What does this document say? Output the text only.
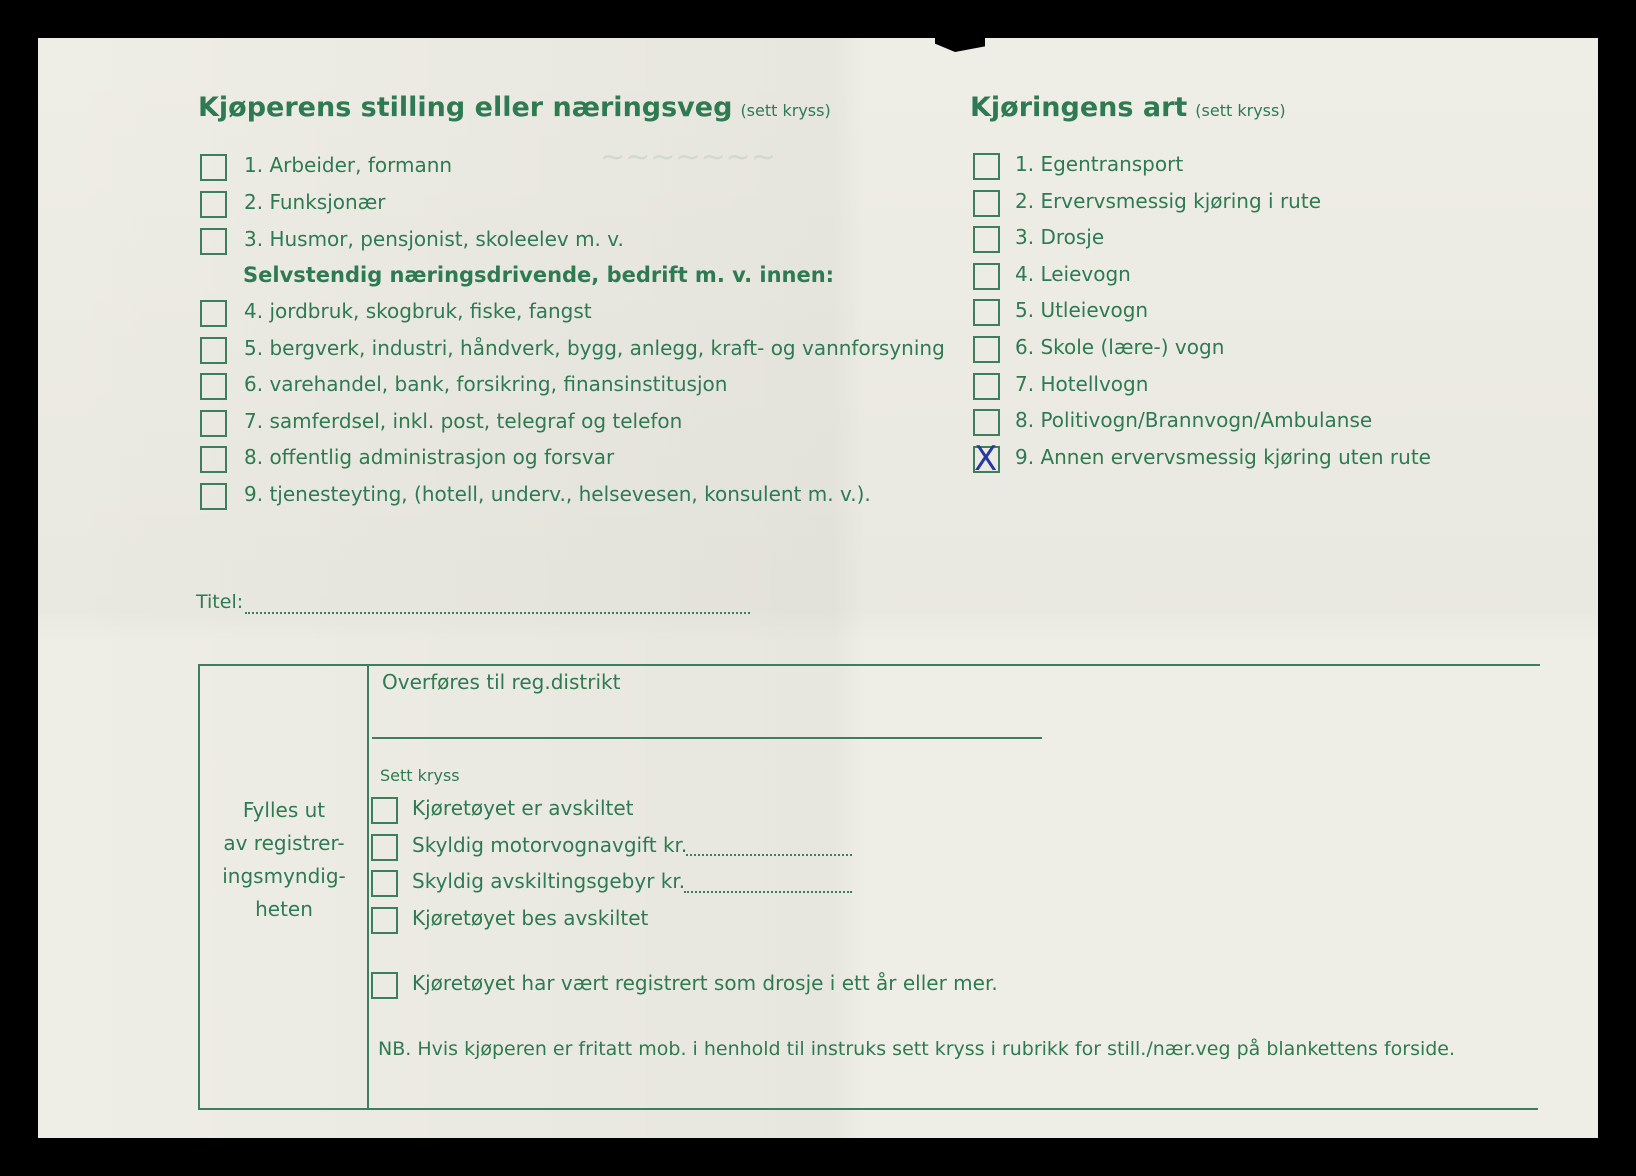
~~~~~~~
Kjøperens stilling eller næringsveg (sett kryss)
1. Arbeider, formann
2. Funksjonær
3. Husmor, pensjonist, skoleelev m. v.
Selvstendig næringsdrivende, bedrift m. v. innen:
4. jordbruk, skogbruk, fiske, fangst
5. bergverk, industri, håndverk, bygg, anlegg, kraft- og vannforsyning
6. varehandel, bank, forsikring, finansinstitusjon
7. samferdsel, inkl. post, telegraf og telefon
8. offentlig administrasjon og forsvar
9. tjenesteyting, (hotell, underv., helsevesen, konsulent m. v.).
Titel:
Kjøringens art (sett kryss)
1. Egentransport
2. Ervervsmessig kjøring i rute
3. Drosje
4. Leievogn
5. Utleievogn
6. Skole (lære-) vogn
7. Hotellvogn
8. Politivogn/Brannvogn/Ambulanse
X 9. Annen ervervsmessig kjøring uten rute
Fylles ut
av registrer-
ingsmyndig-
heten
Overføres til reg.distrikt
Sett kryss
Kjøretøyet er avskiltet
Skyldig motorvognavgift kr.
Skyldig avskiltingsgebyr kr.
Kjøretøyet bes avskiltet
Kjøretøyet har vært registrert som drosje i ett år eller mer.
NB. Hvis kjøperen er fritatt mob. i henhold til instruks sett kryss i rubrikk for still./nær.veg på blankettens forside.
